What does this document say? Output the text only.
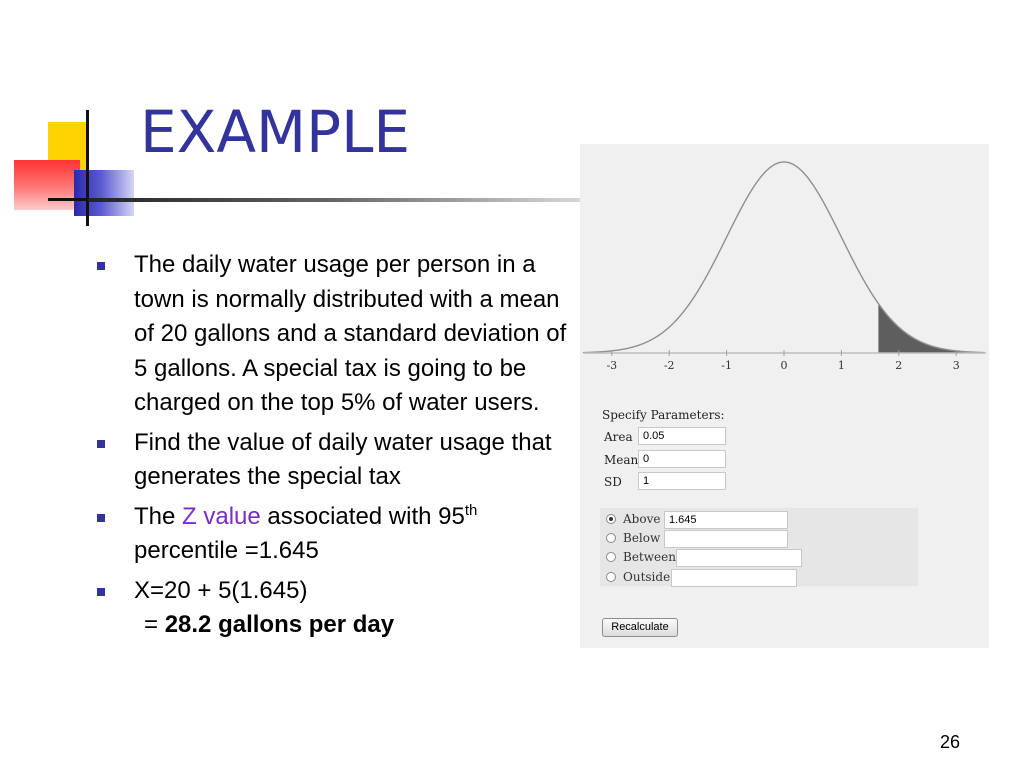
EXAMPLE
The daily water usage per person in a town is normally distributed with a mean of 20 gallons and a standard deviation of 5 gallons. A special tax is going to be charged on the top 5% of water users.
Find the value of daily water usage that generates the special tax
The Z value associated with 95th
percentile =1.645
X=20 + 5(1.645)
= 28.2 gallons per day
-3	-2	-1	0	1	2	3
Specify Parameters:
Area 0.05
Mean 0
SD	1
Above 1.645
Below
Between
Outside
Recalculate
26
